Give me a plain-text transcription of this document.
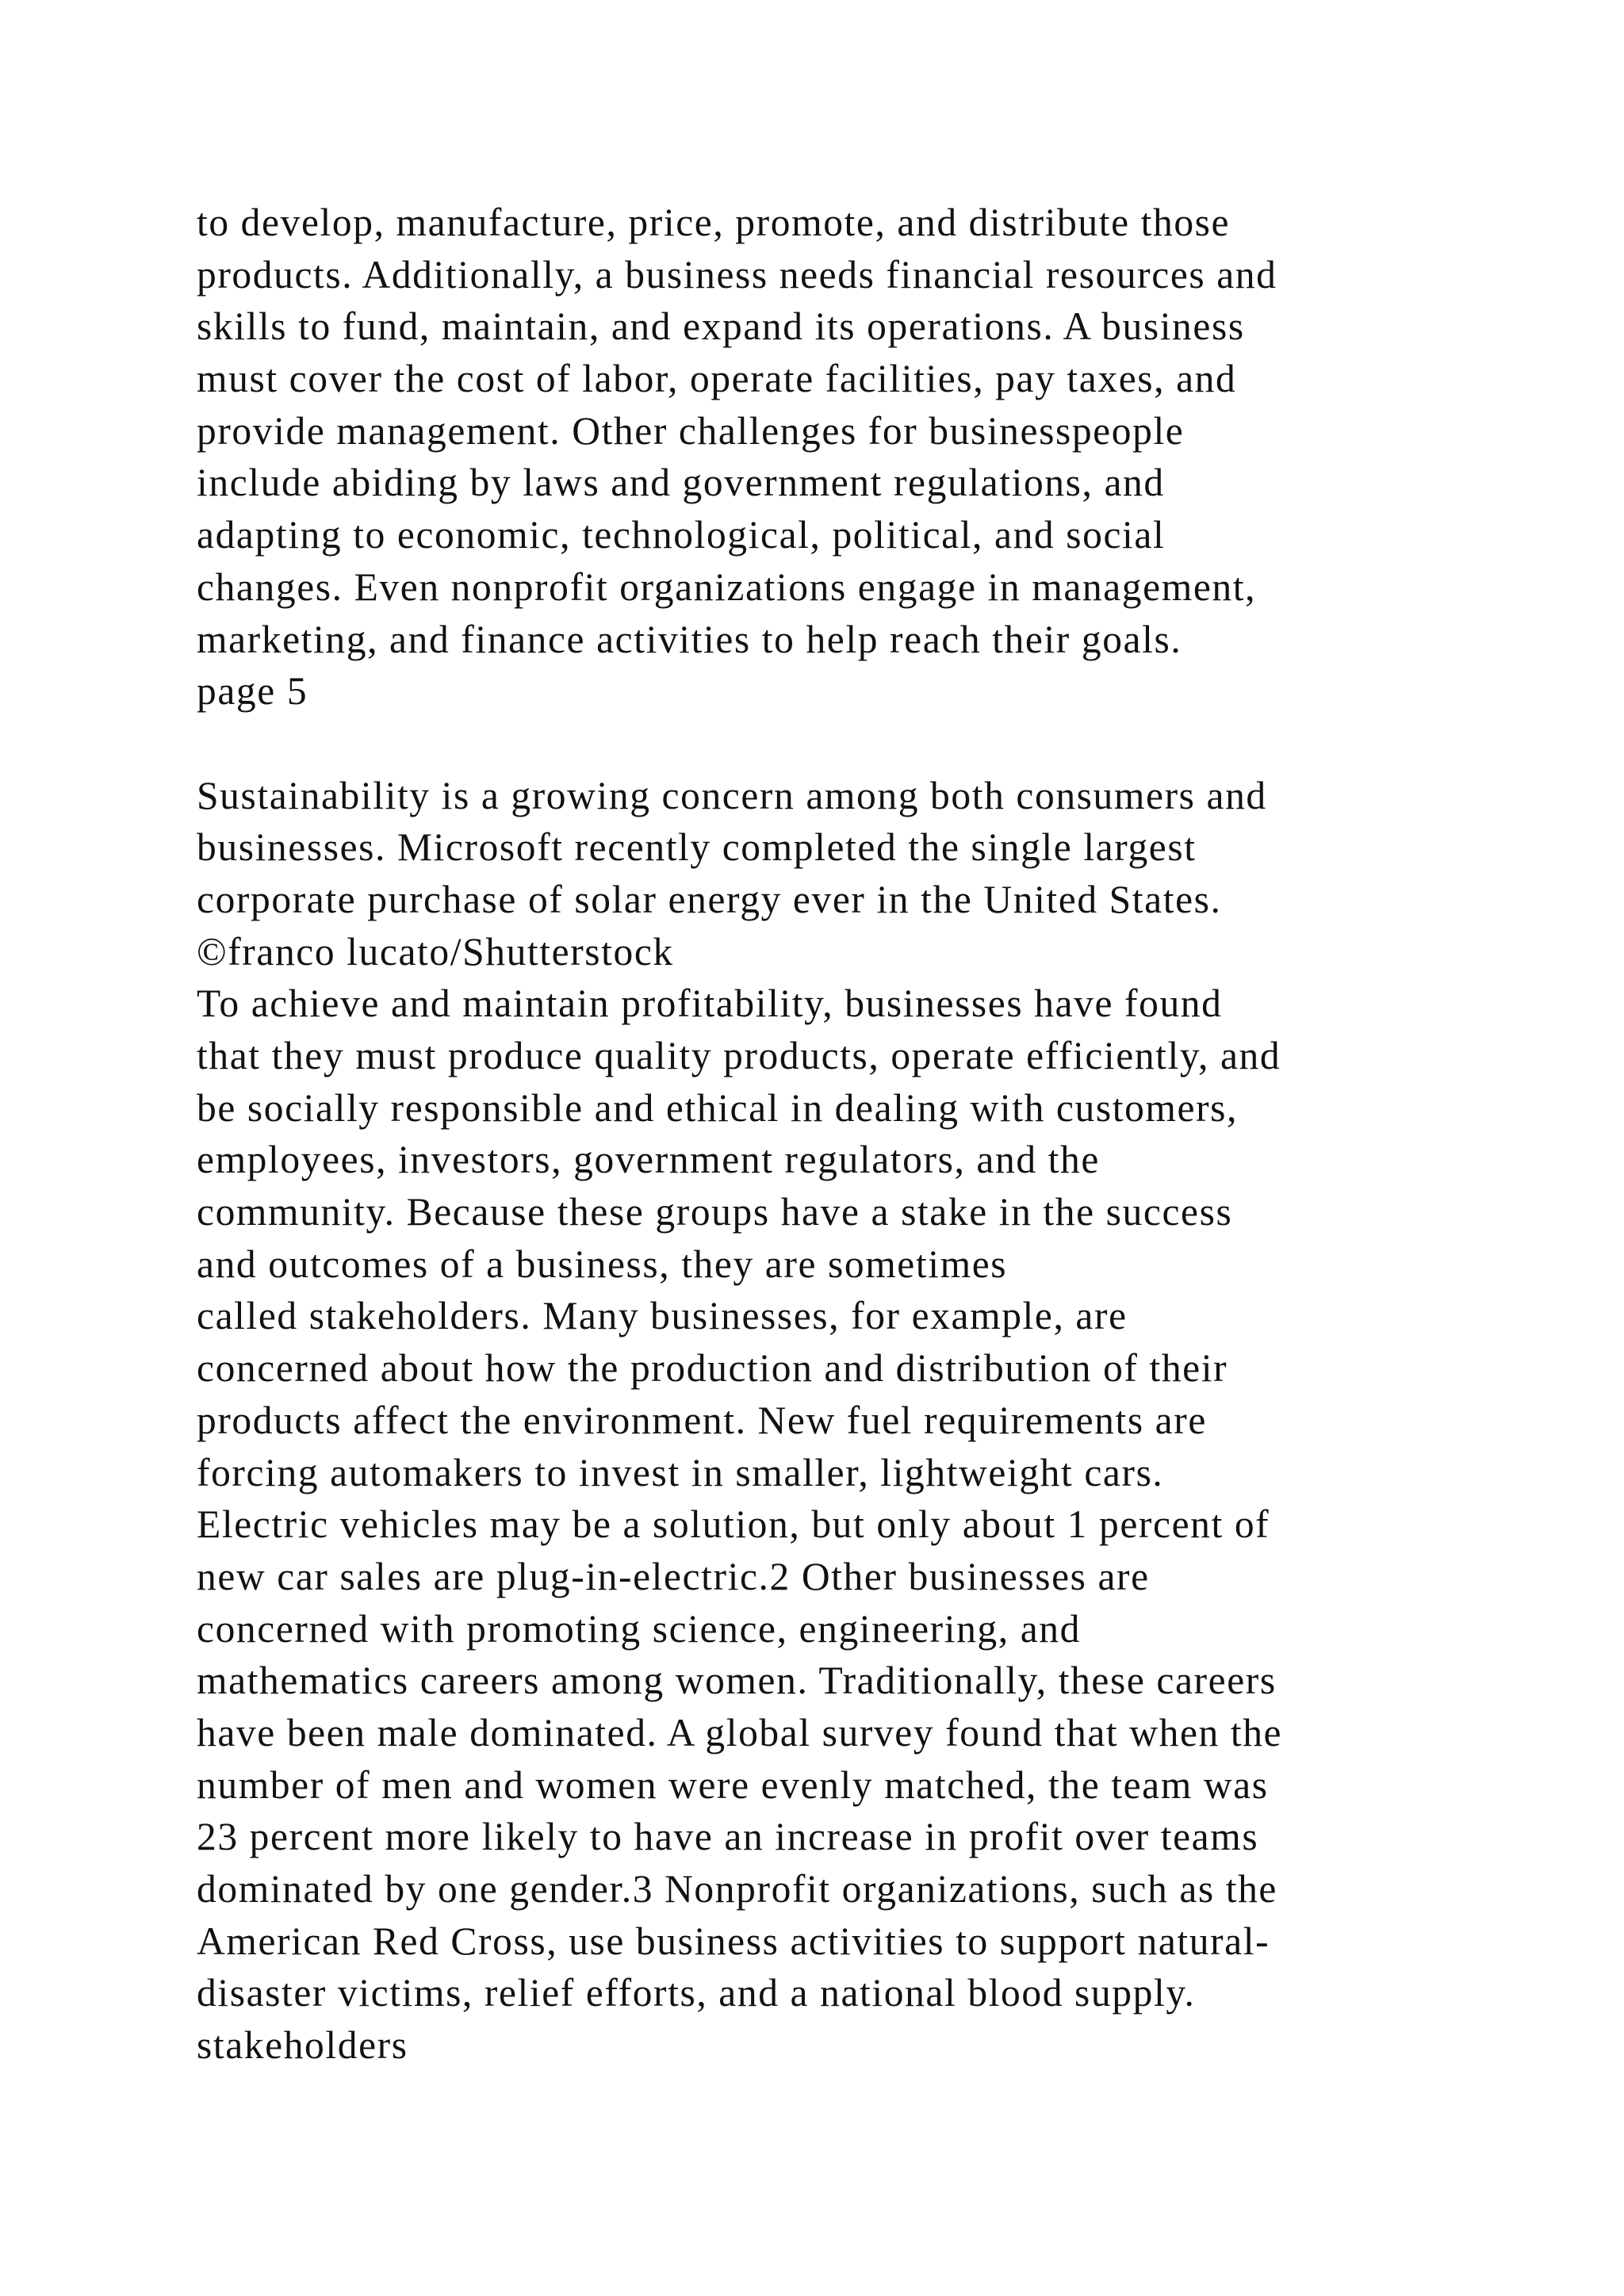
to develop, manufacture, price, promote, and distribute those
products. Additionally, a business needs financial resources and
skills to fund, maintain, and expand its operations. A business
must cover the cost of labor, operate facilities, pay taxes, and
provide management. Other challenges for businesspeople
include abiding by laws and government regulations, and
adapting to economic, technological, political, and social
changes. Even nonprofit organizations engage in management,
marketing, and finance activities to help reach their goals.
page 5
Sustainability is a growing concern among both consumers and
businesses. Microsoft recently completed the single largest
corporate purchase of solar energy ever in the United States.
©franco lucato/Shutterstock
To achieve and maintain profitability, businesses have found
that they must produce quality products, operate efficiently, and
be socially responsible and ethical in dealing with customers,
employees, investors, government regulators, and the
community. Because these groups have a stake in the success
and outcomes of a business, they are sometimes
called stakeholders. Many businesses, for example, are
concerned about how the production and distribution of their
products affect the environment. New fuel requirements are
forcing automakers to invest in smaller, lightweight cars.
Electric vehicles may be a solution, but only about 1 percent of
new car sales are plug-in-electric.2 Other businesses are
concerned with promoting science, engineering, and
mathematics careers among women. Traditionally, these careers
have been male dominated. A global survey found that when the
number of men and women were evenly matched, the team was
23 percent more likely to have an increase in profit over teams
dominated by one gender.3 Nonprofit organizations, such as the
American Red Cross, use business activities to support natural-
disaster victims, relief efforts, and a national blood supply.
stakeholders
